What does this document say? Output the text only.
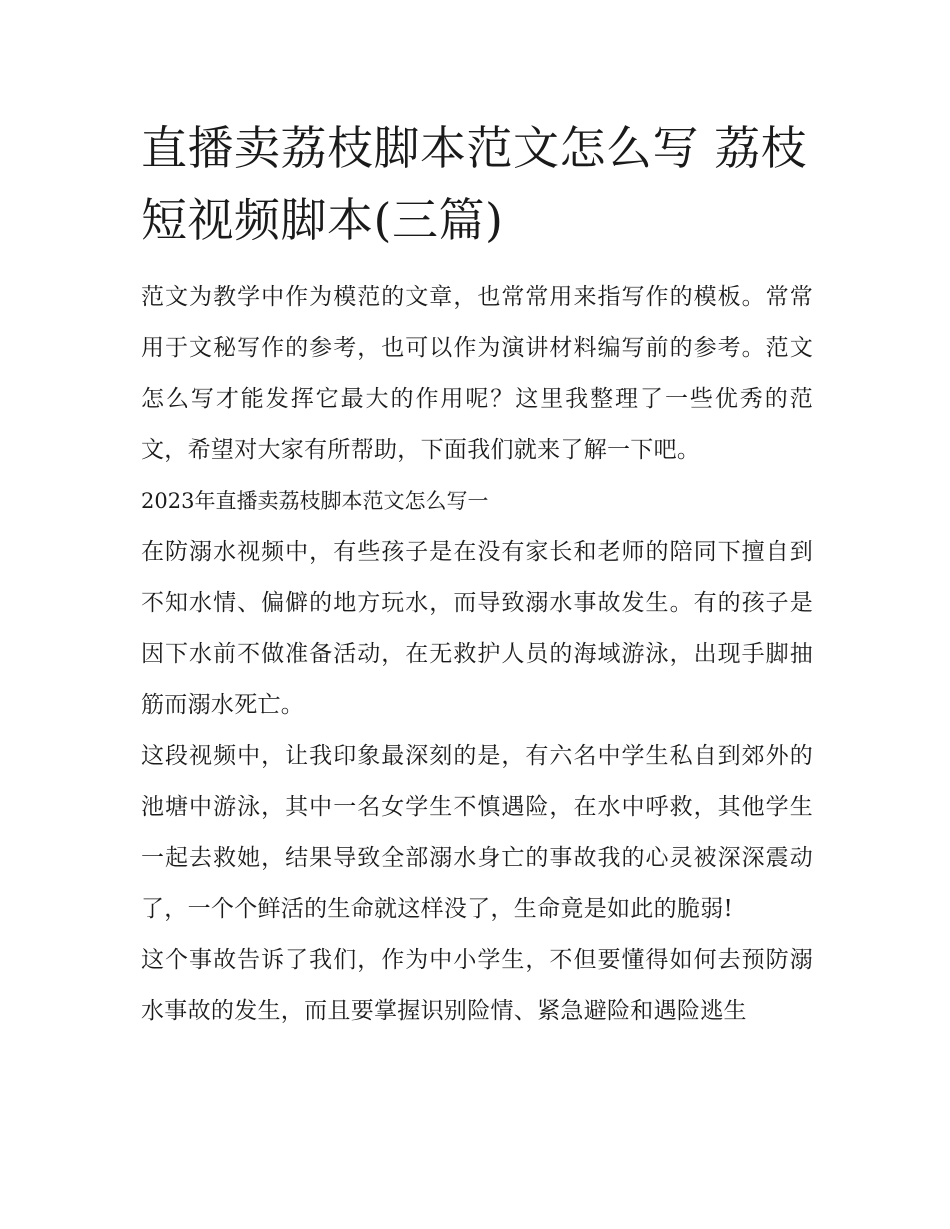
直播卖荔枝脚本范文怎么写 荔枝短视频脚本(三篇)

范文为教学中作为模范的文章，也常常用来指写作的模板。常常用于文秘写作的参考，也可以作为演讲材料编写前的参考。范文怎么写才能发挥它最大的作用呢？这里我整理了一些优秀的范文，希望对大家有所帮助，下面我们就来了解一下吧。

2023年直播卖荔枝脚本范文怎么写一

在防溺水视频中，有些孩子是在没有家长和老师的陪同下擅自到不知水情、偏僻的地方玩水，而导致溺水事故发生。有的孩子是因下水前不做准备活动，在无救护人员的海域游泳，出现手脚抽筋而溺水死亡。

这段视频中，让我印象最深刻的是，有六名中学生私自到郊外的池塘中游泳，其中一名女学生不慎遇险，在水中呼救，其他学生一起去救她，结果导致全部溺水身亡的事故我的心灵被深深震动了，一个个鲜活的生命就这样没了，生命竟是如此的脆弱!

这个事故告诉了我们，作为中小学生，不但要懂得如何去预防溺水事故的发生，而且要掌握识别险情、紧急避险和遇险逃生
